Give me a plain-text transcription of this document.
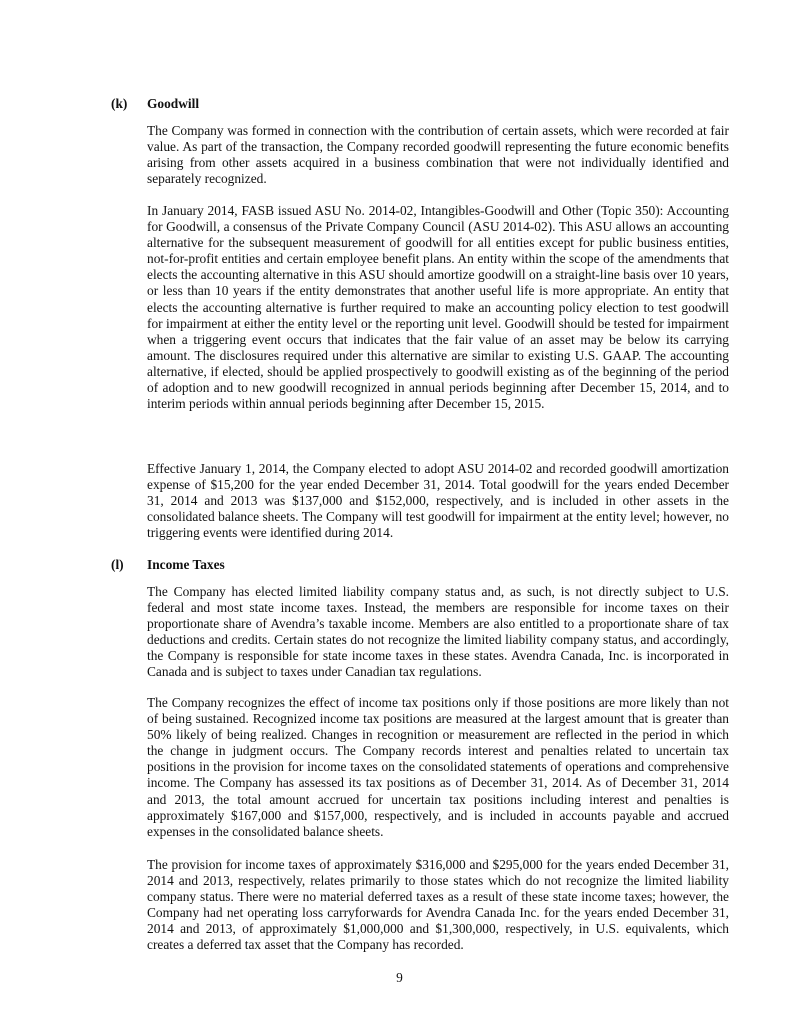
(k) Goodwill

The Company was formed in connection with the contribution of certain assets, which were recorded at fair value. As part of the transaction, the Company recorded goodwill representing the future economic benefits arising from other assets acquired in a business combination that were not individually identified and separately recognized.

In January 2014, FASB issued ASU No. 2014-02, Intangibles-Goodwill and Other (Topic 350): Accounting for Goodwill, a consensus of the Private Company Council (ASU 2014-02). This ASU allows an accounting alternative for the subsequent measurement of goodwill for all entities except for public business entities, not-for-profit entities and certain employee benefit plans. An entity within the scope of the amendments that elects the accounting alternative in this ASU should amortize goodwill on a straight-line basis over 10 years, or less than 10 years if the entity demonstrates that another useful life is more appropriate. An entity that elects the accounting alternative is further required to make an accounting policy election to test goodwill for impairment at either the entity level or the reporting unit level. Goodwill should be tested for impairment when a triggering event occurs that indicates that the fair value of an asset may be below its carrying amount. The disclosures required under this alternative are similar to existing U.S. GAAP. The accounting alternative, if elected, should be applied prospectively to goodwill existing as of the beginning of the period of adoption and to new goodwill recognized in annual periods beginning after December 15, 2014, and to interim periods within annual periods beginning after December 15, 2015.

Effective January 1, 2014, the Company elected to adopt ASU 2014-02 and recorded goodwill amortization expense of $15,200 for the year ended December 31, 2014. Total goodwill for the years ended December 31, 2014 and 2013 was $137,000 and $152,000, respectively, and is included in other assets in the consolidated balance sheets. The Company will test goodwill for impairment at the entity level; however, no triggering events were identified during 2014.

(l) Income Taxes

The Company has elected limited liability company status and, as such, is not directly subject to U.S. federal and most state income taxes. Instead, the members are responsible for income taxes on their proportionate share of Avendra’s taxable income. Members are also entitled to a proportionate share of tax deductions and credits. Certain states do not recognize the limited liability company status, and accordingly, the Company is responsible for state income taxes in these states. Avendra Canada, Inc. is incorporated in Canada and is subject to taxes under Canadian tax regulations.

The Company recognizes the effect of income tax positions only if those positions are more likely than not of being sustained. Recognized income tax positions are measured at the largest amount that is greater than 50% likely of being realized. Changes in recognition or measurement are reflected in the period in which the change in judgment occurs. The Company records interest and penalties related to uncertain tax positions in the provision for income taxes on the consolidated statements of operations and comprehensive income. The Company has assessed its tax positions as of December 31, 2014. As of December 31, 2014 and 2013, the total amount accrued for uncertain tax positions including interest and penalties is approximately $167,000 and $157,000, respectively, and is included in accounts payable and accrued expenses in the consolidated balance sheets.

The provision for income taxes of approximately $316,000 and $295,000 for the years ended December 31, 2014 and 2013, respectively, relates primarily to those states which do not recognize the limited liability company status. There were no material deferred taxes as a result of these state income taxes; however, the Company had net operating loss carryforwards for Avendra Canada Inc. for the years ended December 31, 2014 and 2013, of approximately $1,000,000 and $1,300,000, respectively, in U.S. equivalents, which creates a deferred tax asset that the Company has recorded.

9
